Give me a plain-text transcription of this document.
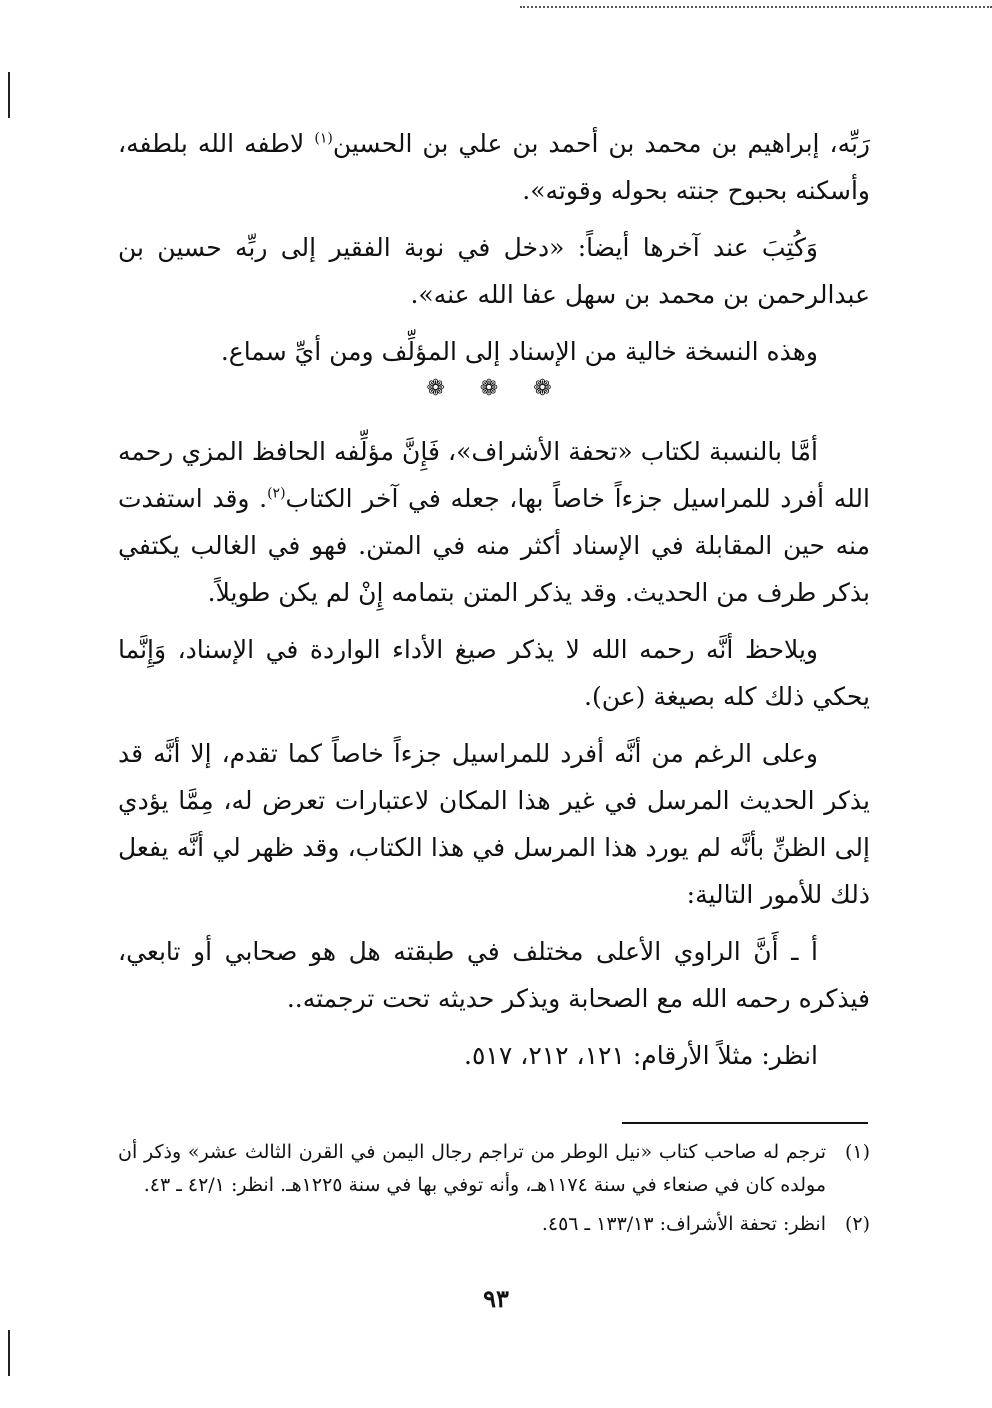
رَبِّه، إبراهيم بن محمد بن أحمد بن علي بن الحسين$^{(١)}$ لاطفه الله بلطفه، وأسكنه بحبوح جنته بحوله وقوته».

وَكُتِبَ عند آخرها أيضاً: «دخل في نوبة الفقير إلى ربِّه حسين بن عبدالرحمن بن محمد بن سهل عفا الله عنه».

وهذه النسخة خالية من الإسناد إلى المؤلِّف ومن أيِّ سماع.

❁ ❁ ❁

أمَّا بالنسبة لكتاب «تحفة الأشراف»، فَإِنَّ مؤلِّفه الحافظ المزي رحمه الله أفرد للمراسيل جزءاً خاصاً بها، جعله في آخر الكتاب$^{(٢)}$. وقد استفدت منه حين المقابلة في الإسناد أكثر منه في المتن. فهو في الغالب يكتفي بذكر طرف من الحديث. وقد يذكر المتن بتمامه إِنْ لم يكن طويلاً.

ويلاحظ أنَّه رحمه الله لا يذكر صيغ الأداء الواردة في الإسناد، وَإِنَّما يحكي ذلك كله بصيغة (عن).

وعلى الرغم من أنَّه أفرد للمراسيل جزءاً خاصاً كما تقدم، إلا أنَّه قد يذكر الحديث المرسل في غير هذا المكان لاعتبارات تعرض له، مِمَّا يؤدي إلى الظنِّ بأنَّه لم يورد هذا المرسل في هذا الكتاب، وقد ظهر لي أنَّه يفعل ذلك للأمور التالية:

أ ـ أَنَّ الراوي الأعلى مختلف في طبقته هل هو صحابي أو تابعي، فيذكره رحمه الله مع الصحابة ويذكر حديثه تحت ترجمته..

انظر: مثلاً الأرقام: ١٢١، ٢١٢، ٥١٧.

(١)
ترجم له صاحب كتاب «نيل الوطر من تراجم رجال اليمن في القرن الثالث عشر» وذكر أن مولده كان في صنعاء في سنة ١١٧٤هـ، وأنه توفي بها في سنة ١٢٢٥هـ. انظر: ٤٢/١ ـ ٤٣.

(٢)
انظر: تحفة الأشراف: ١٣٣/١٣ ـ ٤٥٦.

٩٣
